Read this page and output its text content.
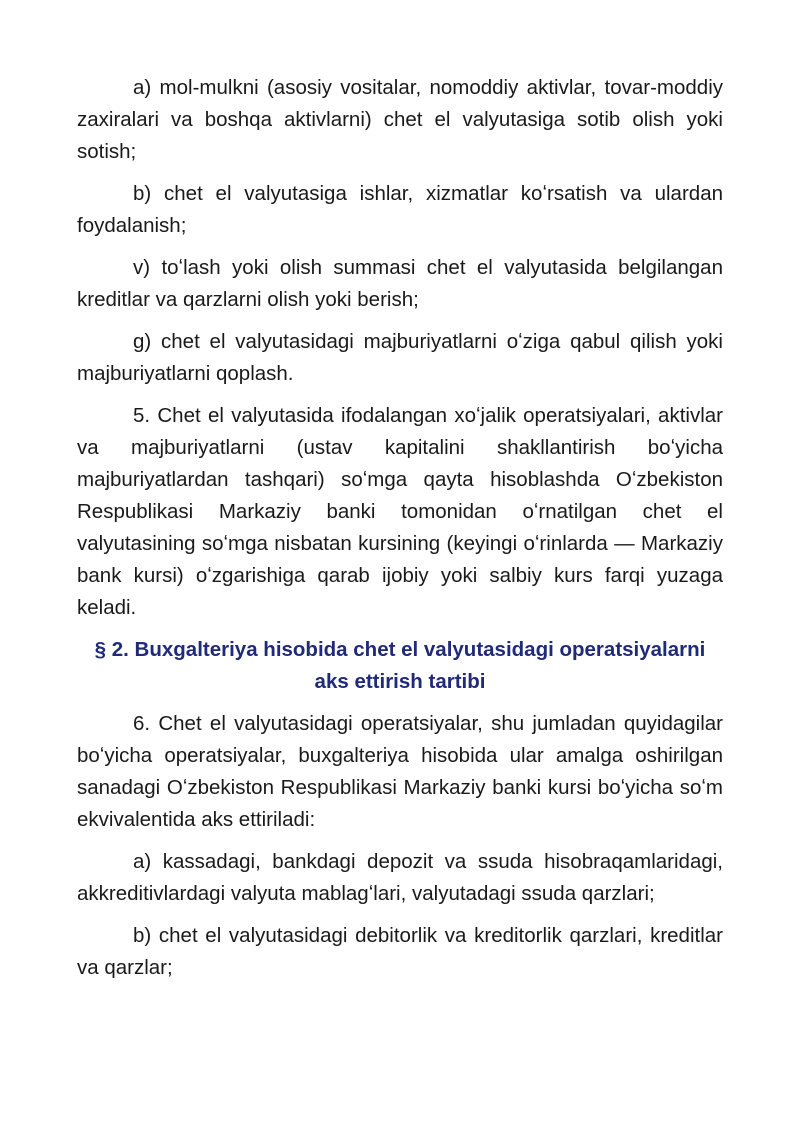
a) mol-mulkni (asosiy vositalar, nomoddiy aktivlar, tovar-moddiy zaxiralari va boshqa aktivlarni) chet el valyutasiga sotib olish yoki sotish;

b) chet el valyutasiga ishlar, xizmatlar koʻrsatish va ulardan foydalanish;

v) toʻlash yoki olish summasi chet el valyutasida belgilangan kreditlar va qarzlarni olish yoki berish;

g) chet el valyutasidagi majburiyatlarni oʻziga qabul qilish yoki majburiyatlarni qoplash.

5. Chet el valyutasida ifodalangan xoʻjalik operatsiyalari, aktivlar va majburiyatlarni (ustav kapitalini shakllantirish boʻyicha majburiyatlardan tashqari) soʻmga qayta hisoblashda Oʻzbekiston Respublikasi Markaziy banki tomonidan oʻrnatilgan chet el valyutasining soʻmga nisbatan kursining (keyingi oʻrinlarda — Markaziy bank kursi) oʻzgarishiga qarab ijobiy yoki salbiy kurs farqi yuzaga keladi.

§ 2. Buxgalteriya hisobida chet el valyutasidagi operatsiyalarni
aks ettirish tartibi

6. Chet el valyutasidagi operatsiyalar, shu jumladan quyidagilar boʻyicha operatsiyalar, buxgalteriya hisobida ular amalga oshirilgan sanadagi Oʻzbekiston Respublikasi Markaziy banki kursi boʻyicha soʻm ekvivalentida aks ettiriladi:

a) kassadagi, bankdagi depozit va ssuda hisobraqamlaridagi, akkreditivlardagi valyuta mablagʻlari, valyutadagi ssuda qarzlari;

b) chet el valyutasidagi debitorlik va kreditorlik qarzlari, kreditlar va qarzlar;
